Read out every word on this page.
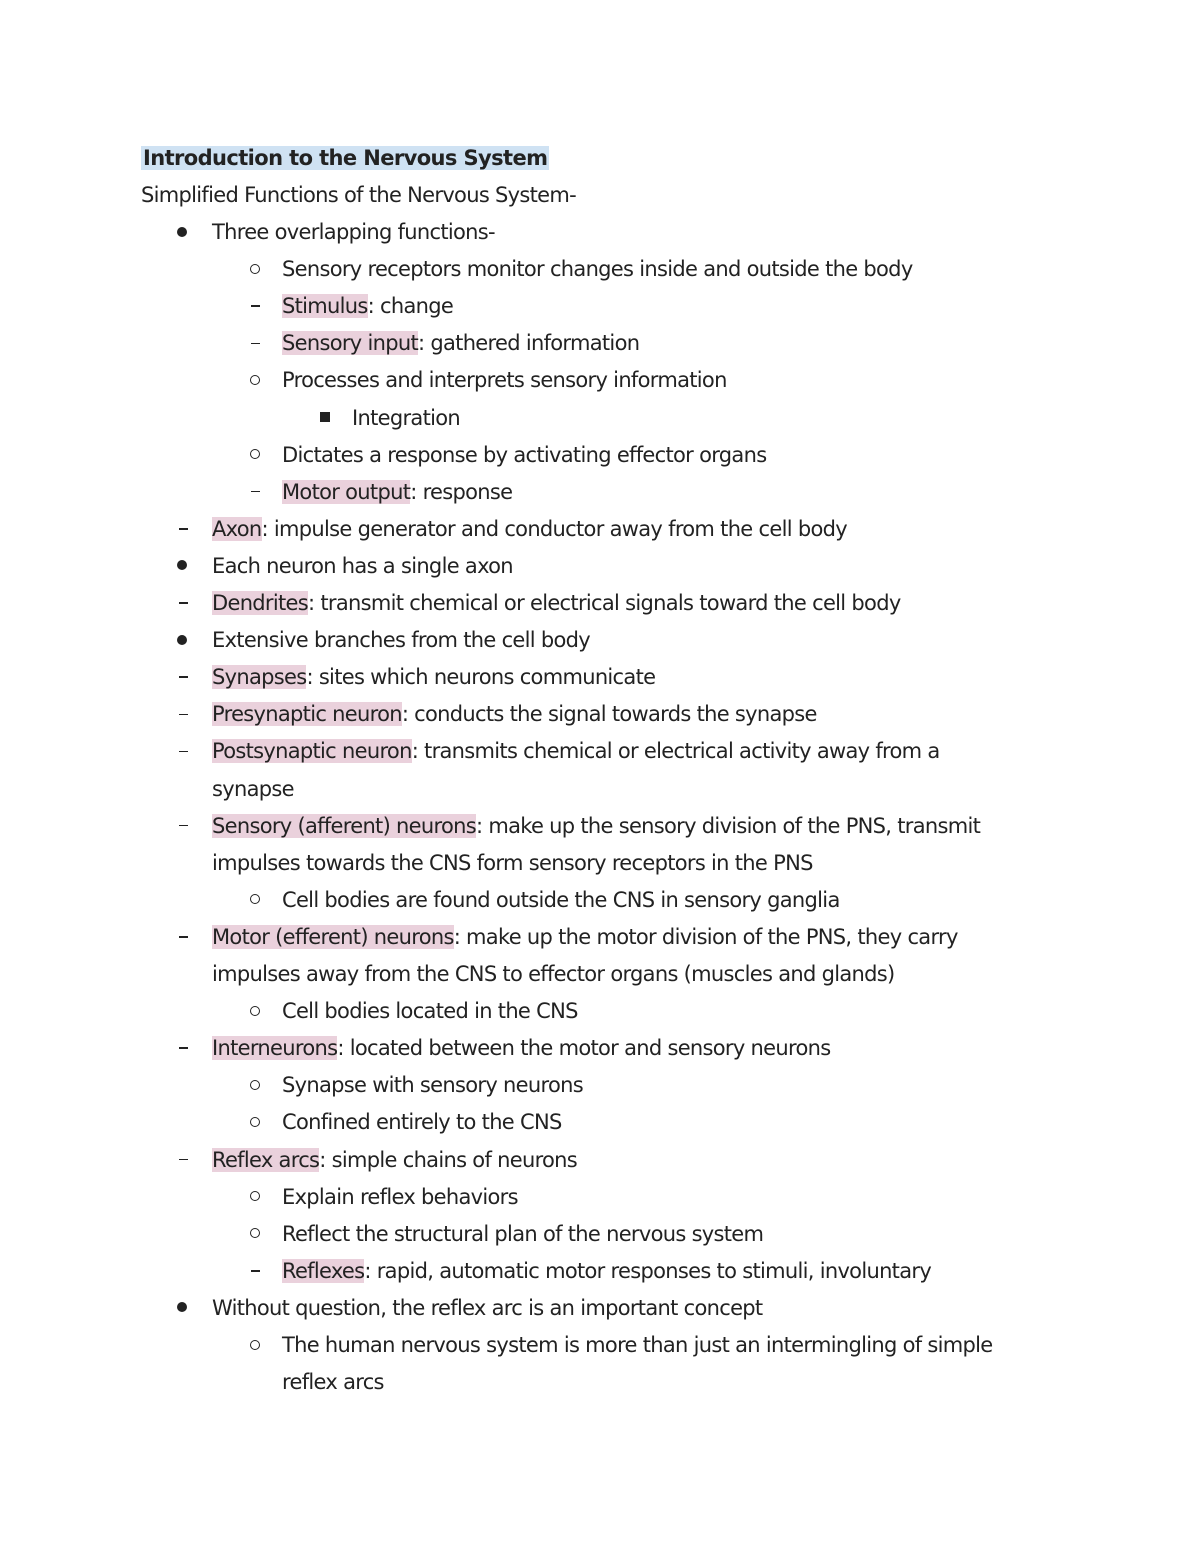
Introduction to the Nervous System
Simplified Functions of the Nervous System-
Three overlapping functions-
Sensory receptors monitor changes inside and outside the body
Stimulus: change
Sensory input: gathered information
Processes and interprets sensory information
Integration
Dictates a response by activating effector organs
Motor output: response
Axon: impulse generator and conductor away from the cell body
Each neuron has a single axon
Dendrites: transmit chemical or electrical signals toward the cell body
Extensive branches from the cell body
Synapses: sites which neurons communicate
Presynaptic neuron: conducts the signal towards the synapse
Postsynaptic neuron: transmits chemical or electrical activity away from a
synapse
Sensory (afferent) neurons: make up the sensory division of the PNS, transmit
impulses towards the CNS form sensory receptors in the PNS
Cell bodies are found outside the CNS in sensory ganglia
Motor (efferent) neurons: make up the motor division of the PNS, they carry
impulses away from the CNS to effector organs (muscles and glands)
Cell bodies located in the CNS
Interneurons: located between the motor and sensory neurons
Synapse with sensory neurons
Confined entirely to the CNS
Reflex arcs: simple chains of neurons
Explain reflex behaviors
Reflect the structural plan of the nervous system
Reflexes: rapid, automatic motor responses to stimuli, involuntary
Without question, the reflex arc is an important concept
The human nervous system is more than just an intermingling of simple
reflex arcs
